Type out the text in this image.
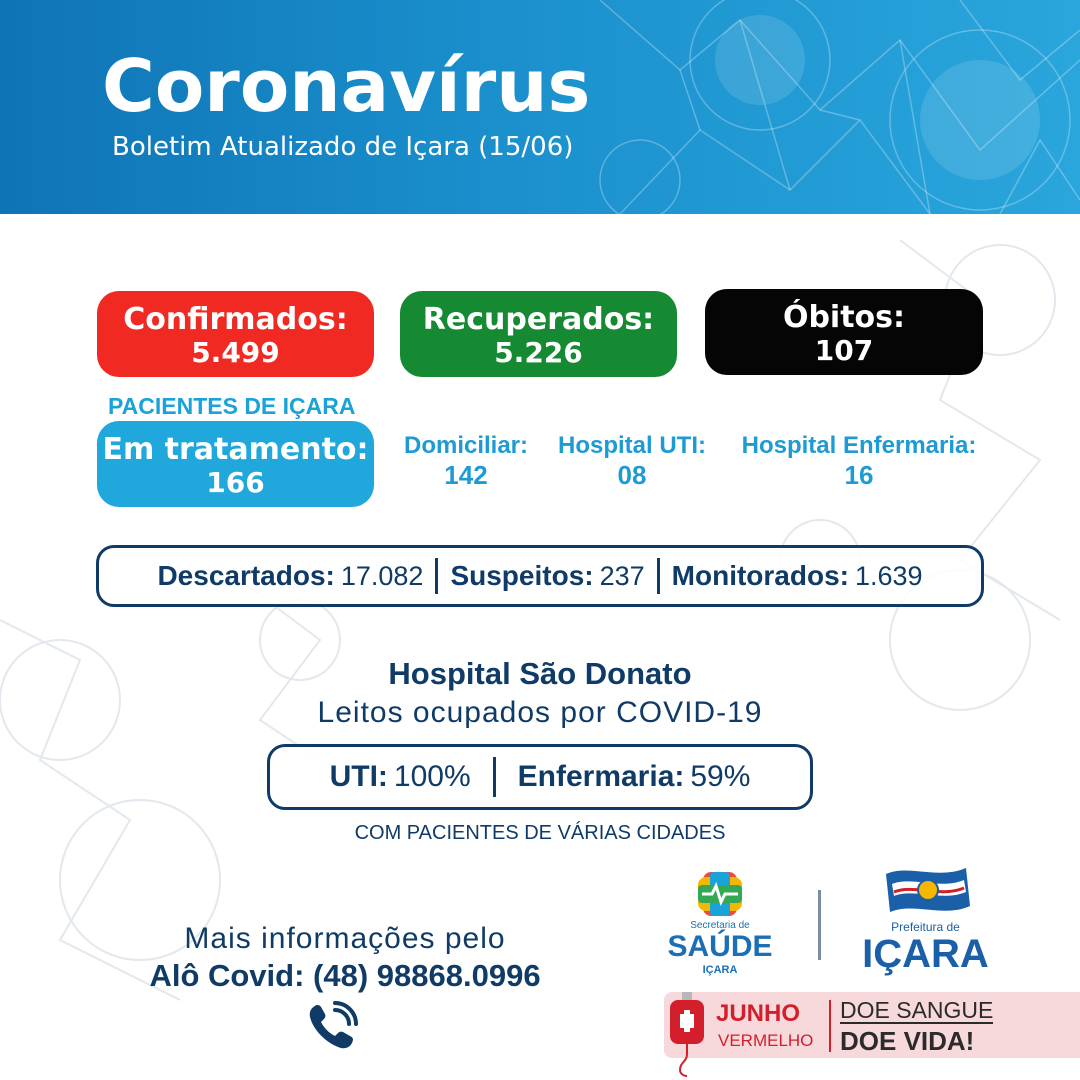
Coronavírus
Boletim Atualizado de Içara (15/06)
Confirmados:
5.499
Recuperados:
5.226
Óbitos:
107
PACIENTES DE IÇARA
Em tratamento:
166
Domiciliar:
142
Hospital UTI:
08
Hospital Enfermaria:
16
Descartados: 17.082 Suspeitos: 237 Monitorados: 1.639
Hospital São Donato
Leitos ocupados por COVID-19
UTI: 100% Enfermaria: 59%
COM PACIENTES DE VÁRIAS CIDADES
Mais informações pelo
Alô Covid: (48) 98868.0996
Secretaria de
SAÚDE
IÇARA
Prefeitura de
IÇARA
JUNHO
VERMELHO
DOE SANGUE
DOE VIDA!
